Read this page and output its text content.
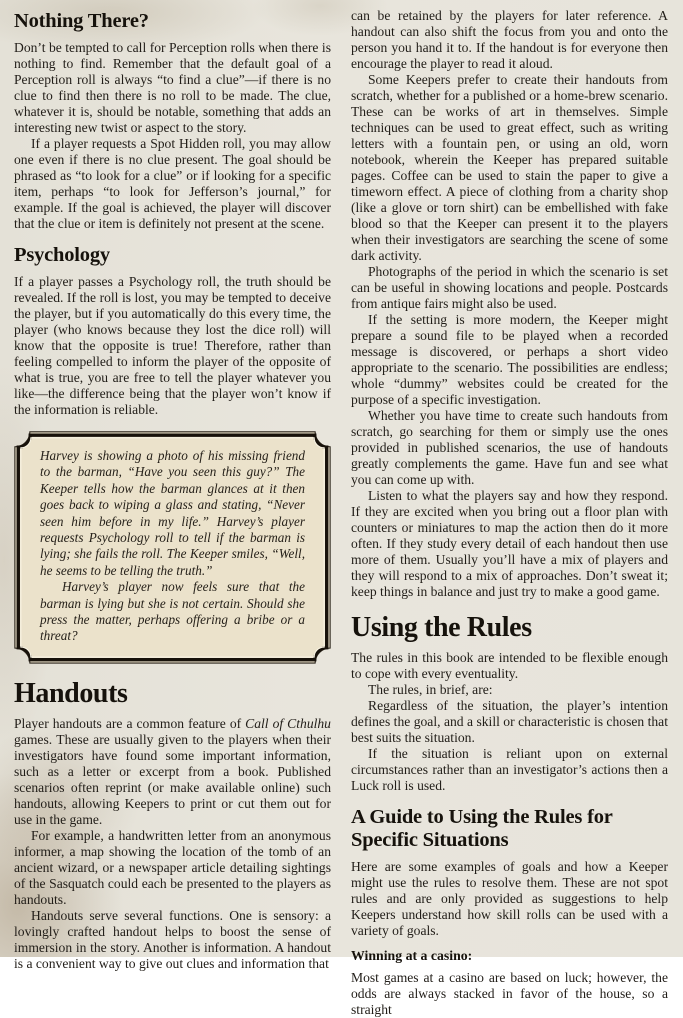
Nothing There?

Don’t be tempted to call for Perception rolls when there is nothing to find. Remember that the default goal of a Perception roll is always “to find a clue”—if there is no clue to find then there is no roll to be made. The clue, whatever it is, should be notable, something that adds an interesting new twist or aspect to the story.

If a player requests a Spot Hidden roll, you may allow one even if there is no clue present. The goal should be phrased as “to look for a clue” or if looking for a specific item, perhaps “to look for Jefferson’s journal,” for example. If the goal is achieved, the player will discover that the clue or item is definitely not present at the scene.

Psychology

If a player passes a Psychology roll, the truth should be revealed. If the roll is lost, you may be tempted to deceive the player, but if you automatically do this every time, the player (who knows because they lost the dice roll) will know that the opposite is true! Therefore, rather than feeling compelled to inform the player of the opposite of what is true, you are free to tell the player whatever you like—the difference being that the player won’t know if the information is reliable.

Harvey is showing a photo of his missing friend to the barman, “Have you seen this guy?” The Keeper tells how the barman glances at it then goes back to wiping a glass and stating, “Never seen him before in my life.” Harvey’s player requests Psychology roll to tell if the barman is lying; she fails the roll. The Keeper smiles, “Well, he seems to be telling the truth.”

Harvey’s player now feels sure that the barman is lying but she is not certain. Should she press the matter, perhaps offering a bribe or a threat?

Handouts

Player handouts are a common feature of Call of Cthulhu games. These are usually given to the players when their investigators have found some important information, such as a letter or excerpt from a book. Published scenarios often reprint (or make available online) such handouts, allowing Keepers to print or cut them out for use in the game.

For example, a handwritten letter from an anonymous informer, a map showing the location of the tomb of an ancient wizard, or a newspaper article detailing sightings of the Sasquatch could each be presented to the players as handouts.

Handouts serve several functions. One is sensory: a lovingly crafted handout helps to boost the sense of immersion in the story. Another is information. A handout is a convenient way to give out clues and information that

can be retained by the players for later reference. A handout can also shift the focus from you and onto the person you hand it to. If the handout is for everyone then encourage the player to read it aloud.

Some Keepers prefer to create their handouts from scratch, whether for a published or a home-brew scenario. These can be works of art in themselves. Simple techniques can be used to great effect, such as writing letters with a fountain pen, or using an old, worn notebook, wherein the Keeper has prepared suitable pages. Coffee can be used to stain the paper to give a timeworn effect. A piece of clothing from a charity shop (like a glove or torn shirt) can be embellished with fake blood so that the Keeper can present it to the players when their investigators are searching the scene of some dark activity.

Photographs of the period in which the scenario is set can be useful in showing locations and people. Postcards from antique fairs might also be used.

If the setting is more modern, the Keeper might prepare a sound file to be played when a recorded message is discovered, or perhaps a short video appropriate to the scenario. The possibilities are endless; whole “dummy” websites could be created for the purpose of a specific investigation.

Whether you have time to create such handouts from scratch, go searching for them or simply use the ones provided in published scenarios, the use of handouts greatly complements the game. Have fun and see what you can come up with.

Listen to what the players say and how they respond. If they are excited when you bring out a floor plan with counters or miniatures to map the action then do it more often. If they study every detail of each handout then use more of them. Usually you’ll have a mix of players and they will respond to a mix of approaches. Don’t sweat it; keep things in balance and just try to make a good game.

Using the Rules

The rules in this book are intended to be flexible enough to cope with every eventuality.

The rules, in brief, are:

Regardless of the situation, the player’s intention defines the goal, and a skill or characteristic is chosen that best suits the situation.

If the situation is reliant upon on external circumstances rather than an investigator’s actions then a Luck roll is used.

A Guide to Using the Rules for Specific Situations

Here are some examples of goals and how a Keeper might use the rules to resolve them. These are not spot rules and are only provided as suggestions to help Keepers understand how skill rolls can be used with a variety of goals.

Winning at a casino:

Most games at a casino are based on luck; however, the odds are always stacked in favor of the house, so a straight
